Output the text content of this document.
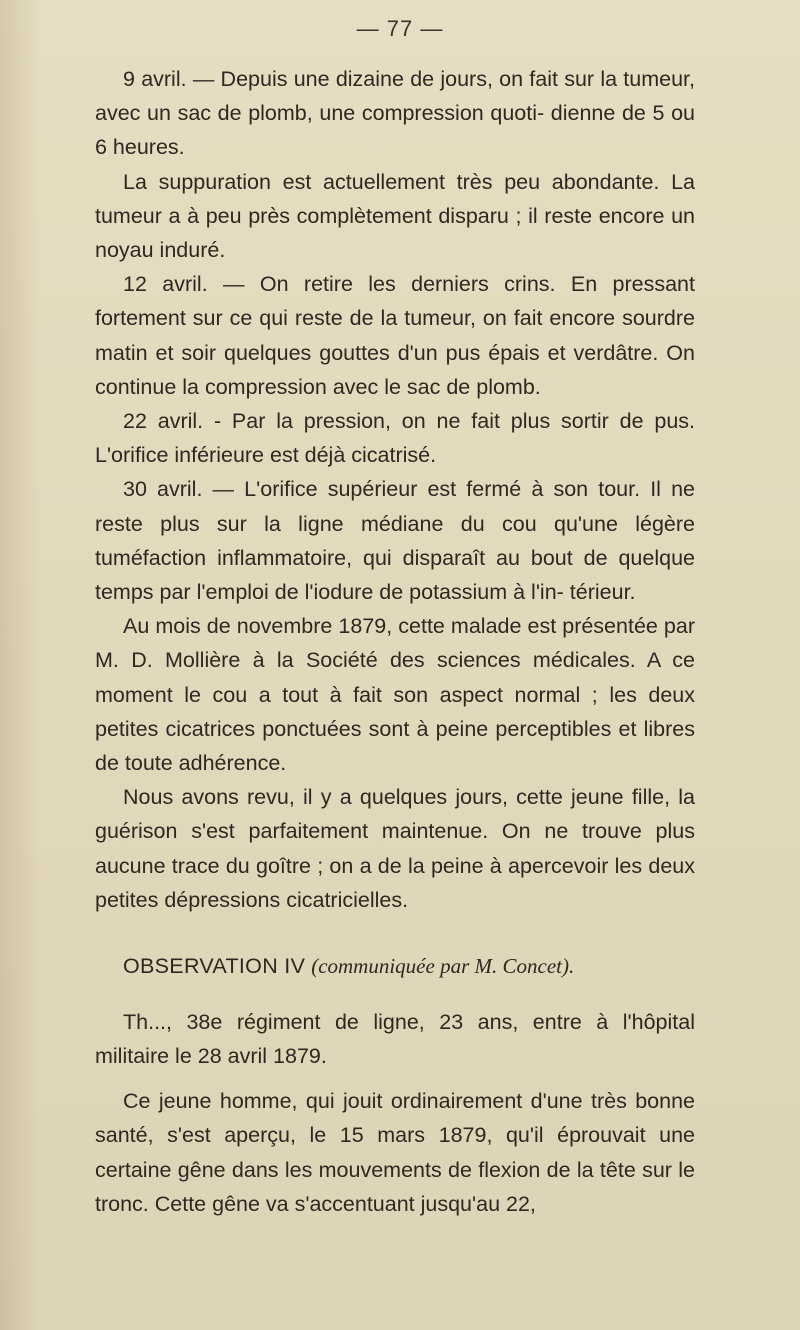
— 77 —

9 avril. — Depuis une dizaine de jours, on fait sur la tumeur, avec un sac de plomb, une compression quoti- dienne de 5 ou 6 heures.

La suppuration est actuellement très peu abondante. La tumeur a à peu près complètement disparu ; il reste encore un noyau induré.

12 avril. — On retire les derniers crins. En pressant fortement sur ce qui reste de la tumeur, on fait encore sourdre matin et soir quelques gouttes d'un pus épais et verdâtre. On continue la compression avec le sac de plomb.

22 avril. - Par la pression, on ne fait plus sortir de pus. L'orifice inférieure est déjà cicatrisé.

30 avril. — L'orifice supérieur est fermé à son tour. Il ne reste plus sur la ligne médiane du cou qu'une légère tuméfaction inflammatoire, qui disparaît au bout de quelque temps par l'emploi de l'iodure de potassium à l'in- térieur.

Au mois de novembre 1879, cette malade est présentée par M. D. Mollière à la Société des sciences médicales. A ce moment le cou a tout à fait son aspect normal ; les deux petites cicatrices ponctuées sont à peine perceptibles et libres de toute adhérence.

Nous avons revu, il y a quelques jours, cette jeune fille, la guérison s'est parfaitement maintenue. On ne trouve plus aucune trace du goître ; on a de la peine à apercevoir les deux petites dépressions cicatricielles.

OBSERVATION IV (communiquée par M. Concet).

Th..., 38e régiment de ligne, 23 ans, entre à l'hôpital militaire le 28 avril 1879.

Ce jeune homme, qui jouit ordinairement d'une très bonne santé, s'est aperçu, le 15 mars 1879, qu'il éprouvait une certaine gêne dans les mouvements de flexion de la tête sur le tronc. Cette gêne va s'accentuant jusqu'au 22,
